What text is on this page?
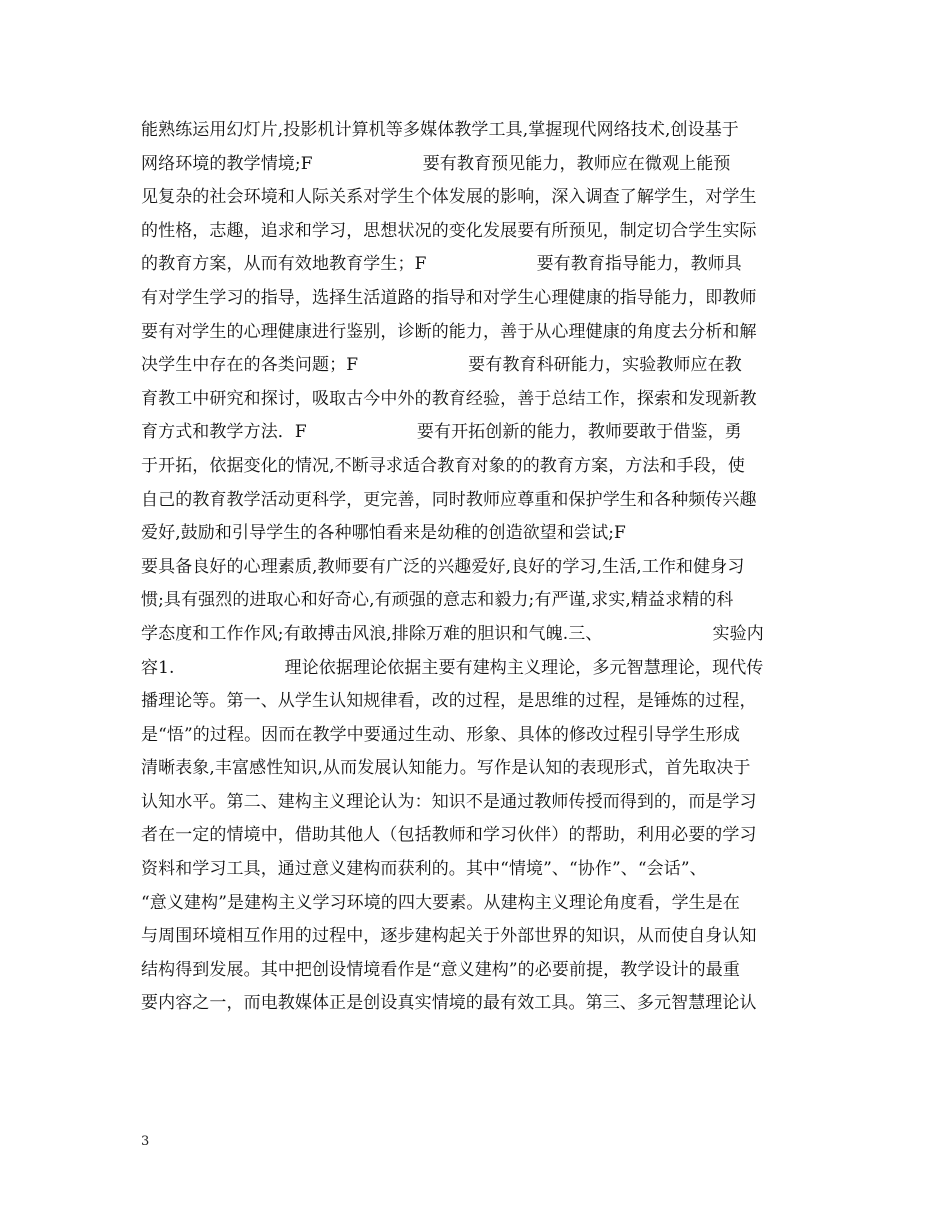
能熟练运用幻灯片,投影机计算机等多媒体教学工具,掌握现代网络技术,创设基于
网络环境的教学情境;F                    要有教育预见能力，教师应在微观上能预
见复杂的社会环境和人际关系对学生个体发展的影响，深入调查了解学生，对学生
的性格，志趣，追求和学习，思想状况的变化发展要有所预见，制定切合学生实际
的教育方案，从而有效地教育学生；F                    要有教育指导能力，教师具
有对学生学习的指导，选择生活道路的指导和对学生心理健康的指导能力，即教师
要有对学生的心理健康进行鉴别，诊断的能力，善于从心理健康的角度去分析和解
决学生中存在的各类问题；F                    要有教育科研能力，实验教师应在教
育教工中研究和探讨，吸取古今中外的教育经验，善于总结工作，探索和发现新教
育方式和教学方法．F                    要有开拓创新的能力，教师要敢于借鉴，勇
于开拓，依据变化的情况,不断寻求适合教育对象的的教育方案，方法和手段，使
自己的教育教学活动更科学，更完善，同时教师应尊重和保护学生和各种频传兴趣
爱好,鼓励和引导学生的各种哪怕看来是幼稚的创造欲望和尝试;F
要具备良好的心理素质,教师要有广泛的兴趣爱好,良好的学习,生活,工作和健身习
惯;具有强烈的进取心和好奇心,有顽强的意志和毅力;有严谨,求实,精益求精的科
学态度和工作作风;有敢搏击风浪,排除万难的胆识和气魄.三、                    实验内
容1.                    理论依据理论依据主要有建构主义理论，多元智慧理论，现代传
播理论等。第一、从学生认知规律看，改的过程，是思维的过程，是锤炼的过程，
是“悟”的过程。因而在教学中要通过生动、形象、具体的修改过程引导学生形成
清晰表象,丰富感性知识,从而发展认知能力。写作是认知的表现形式，首先取决于
认知水平。第二、建构主义理论认为：知识不是通过教师传授而得到的，而是学习
者在一定的情境中，借助其他人（包括教师和学习伙伴）的帮助，利用必要的学习
资料和学习工具，通过意义建构而获利的。其中“情境”、“协作”、“会话”、
“意义建构”是建构主义学习环境的四大要素。从建构主义理论角度看，学生是在
与周围环境相互作用的过程中，逐步建构起关于外部世界的知识，从而使自身认知
结构得到发展。其中把创设情境看作是“意义建构”的必要前提，教学设计的最重
要内容之一，而电教媒体正是创设真实情境的最有效工具。第三、多元智慧理论认
3
